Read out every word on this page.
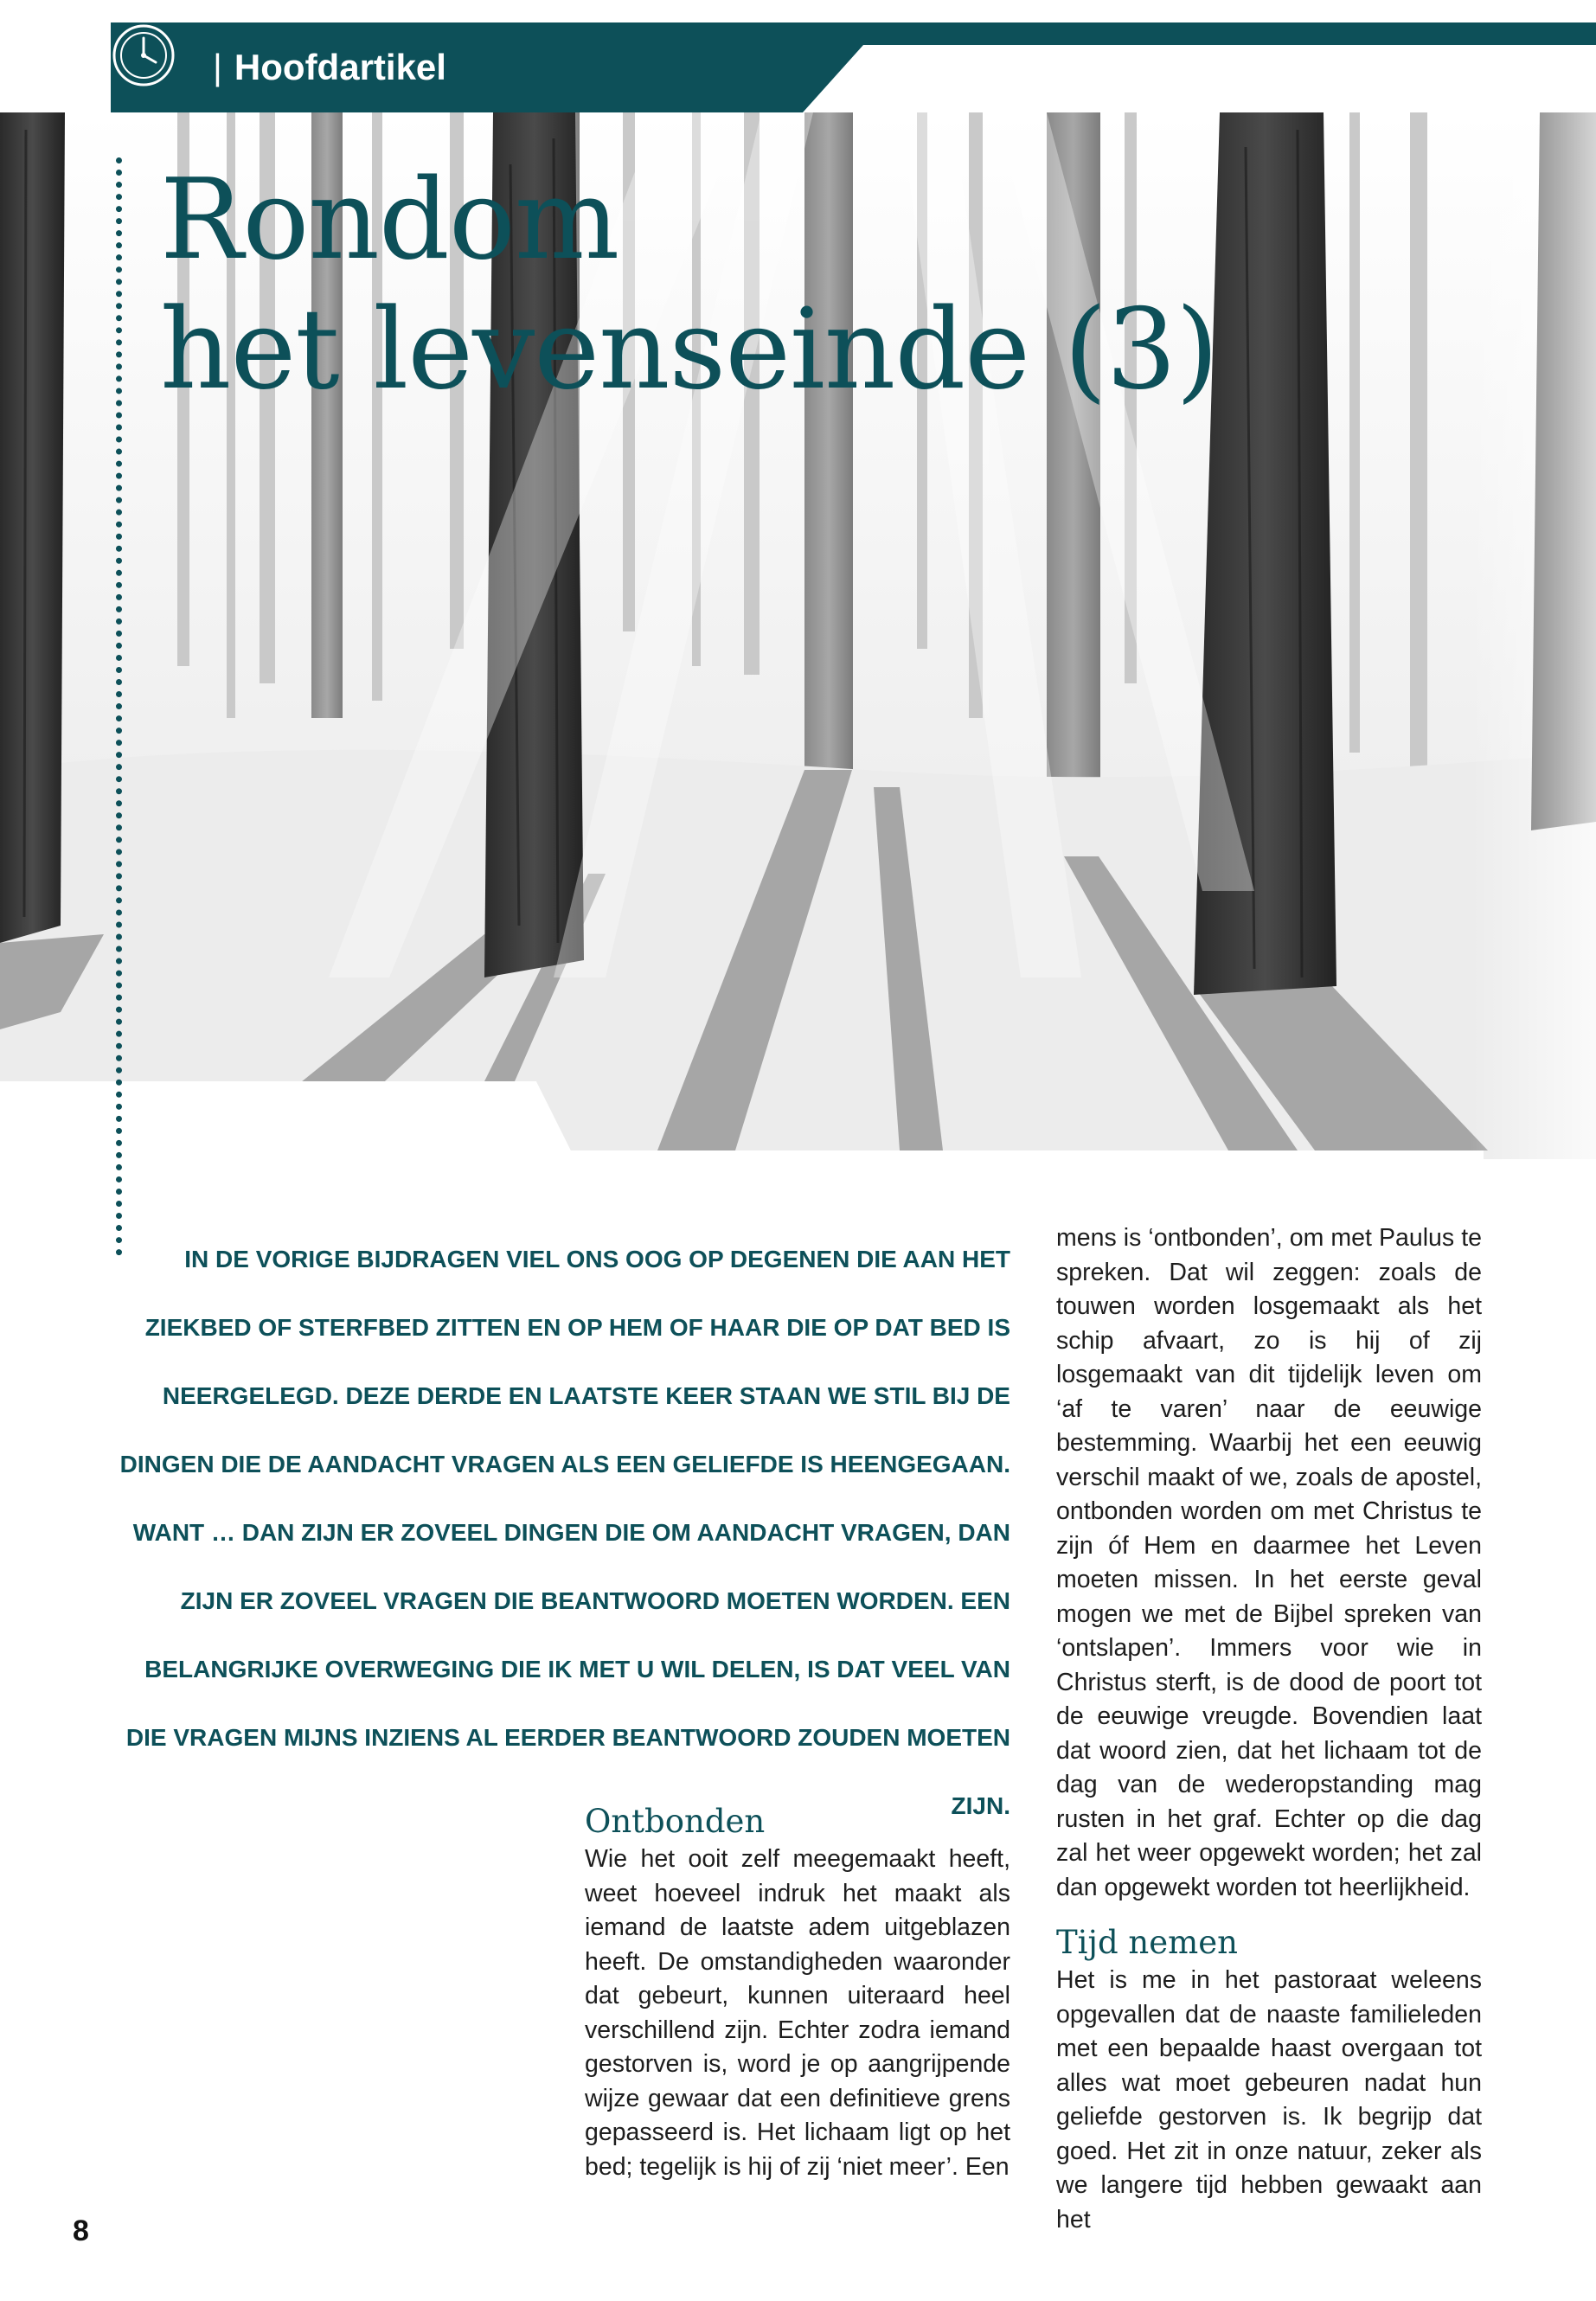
| Hoofdartikel
Rondom
het levenseinde (3)

IN DE VORIGE BIJDRAGEN VIEL ONS OOG OP DEGENEN DIE AAN HET ZIEKBED OF STERFBED ZITTEN EN OP HEM OF HAAR DIE OP DAT BED IS NEERGELEGD. DEZE DERDE EN LAATSTE KEER STAAN WE STIL BIJ DE DINGEN DIE DE AANDACHT VRAGEN ALS EEN GELIEFDE IS HEENGEGAAN. WANT … DAN ZIJN ER ZOVEEL DINGEN DIE OM AANDACHT VRAGEN, DAN ZIJN ER ZOVEEL VRAGEN DIE BEANTWOORD MOETEN WORDEN. EEN BELANGRIJKE OVERWEGING DIE IK MET U WIL DELEN, IS DAT VEEL VAN DIE VRAGEN MIJNS INZIENS AL EERDER BEANTWOORD ZOUDEN MOETEN ZIJN.

Ontbonden

Wie het ooit zelf meegemaakt heeft, weet hoeveel indruk het maakt als iemand de laatste adem uitgeblazen heeft. De omstandigheden waaronder dat gebeurt, kunnen uiteraard heel verschillend zijn. Echter zodra iemand gestorven is, word je op aangrijpende wijze gewaar dat een definitieve grens gepasseerd is. Het lichaam ligt op het bed; tegelijk is hij of zij ‘niet meer’. Een

mens is ‘ontbonden’, om met Paulus te spreken. Dat wil zeggen: zoals de touwen worden losgemaakt als het schip afvaart, zo is hij of zij losgemaakt van dit tijdelijk leven om ‘af te varen’ naar de eeuwige bestemming. Waarbij het een eeuwig verschil maakt of we, zoals de apostel, ontbonden worden om met Christus te zijn óf Hem en daarmee het Leven moeten missen. In het eerste geval mogen we met de Bijbel spreken van ‘ontslapen’. Immers voor wie in Christus sterft, is de dood de poort tot de eeuwige vreugde. Bovendien laat dat woord zien, dat het lichaam tot de dag van de wederopstanding mag rusten in het graf. Echter op die dag zal het weer opgewekt worden; het zal dan opgewekt worden tot heerlijkheid.

Tijd nemen

Het is me in het pastoraat weleens opgevallen dat de naaste familieleden met een bepaalde haast overgaan tot alles wat moet gebeuren nadat hun geliefde gestorven is. Ik begrijp dat goed. Het zit in onze natuur, zeker als we langere tijd hebben gewaakt aan het

8
